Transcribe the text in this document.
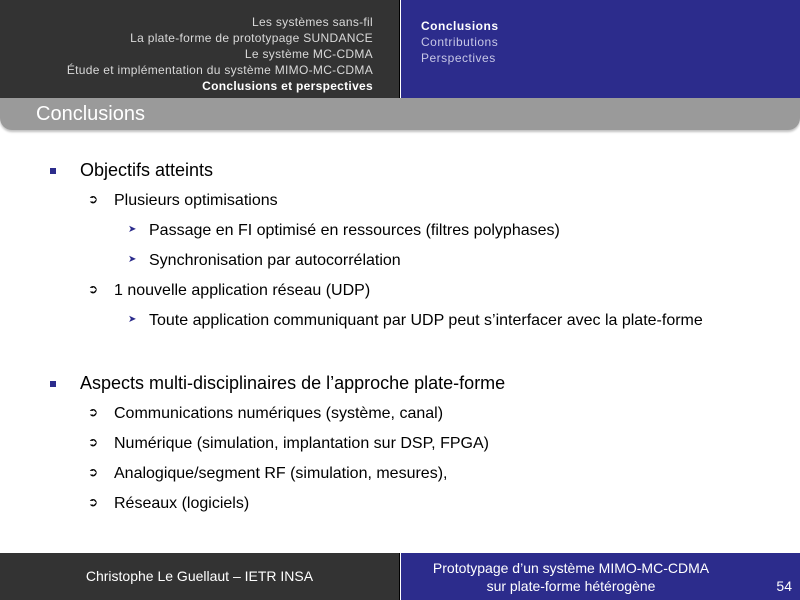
Les systèmes sans-fil
La plate-forme de prototypage SUNDANCE
Le système MC-CDMA
Étude et implémentation du système MIMO-MC-CDMA
Conclusions et perspectives
Conclusions
Contributions
Perspectives
Conclusions
Objectifs atteints
➲ Plusieurs optimisations
➤ Passage en FI optimisé en ressources (filtres polyphases)
➤ Synchronisation par autocorrélation
➲ 1 nouvelle application réseau (UDP)
➤ Toute application communiquant par UDP peut s’interfacer avec la plate-forme
Aspects multi-disciplinaires de l’approche plate-forme
➲ Communications numériques (système, canal)
➲ Numérique (simulation, implantation sur DSP, FPGA)
➲ Analogique/segment RF (simulation, mesures),
➲ Réseaux (logiciels)
Christophe Le Guellaut – IETR INSA	Prototypage d’un système MIMO-MC-CDMA
sur plate-forme hétérogène	54
